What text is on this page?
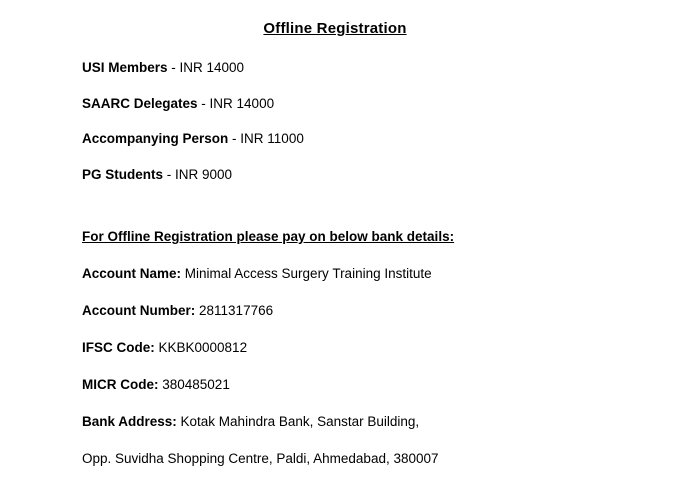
Offline Registration
USI Members - INR 14000
SAARC Delegates - INR 14000
Accompanying Person - INR 11000
PG Students - INR 9000
For Offline Registration please pay on below bank details:
Account Name: Minimal Access Surgery Training Institute
Account Number: 2811317766
IFSC Code: KKBK0000812
MICR Code: 380485021
Bank Address: Kotak Mahindra Bank, Sanstar Building,
Opp. Suvidha Shopping Centre, Paldi, Ahmedabad, 380007
